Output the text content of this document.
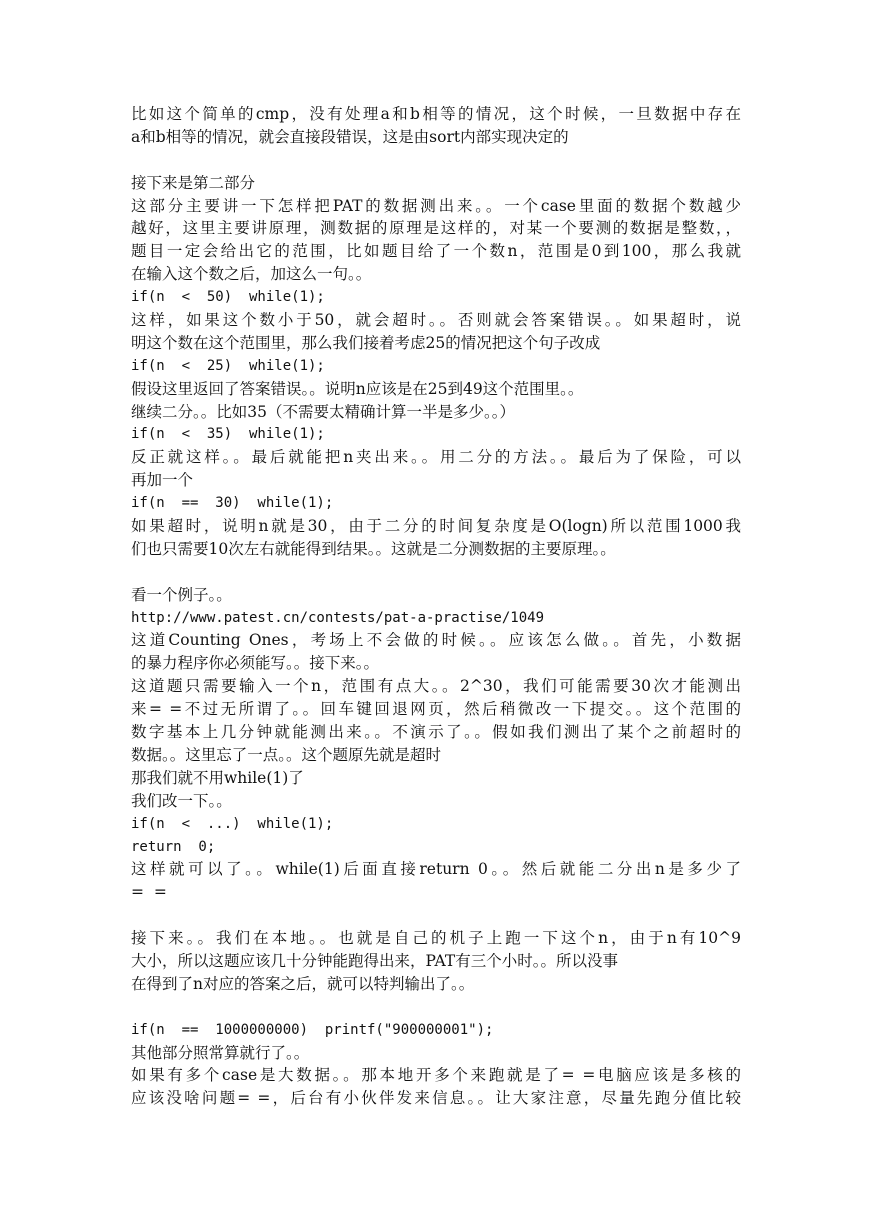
比如这个简单的cmp，没有处理a和b相等的情况，这个时候，一旦数据中存在
a和b相等的情况，就会直接段错误，这是由sort内部实现决定的
接下来是第二部分
这部分主要讲一下怎样把PAT的数据测出来。。一个case里面的数据个数越少
越好，这里主要讲原理，测数据的原理是这样的，对某一个要测的数据是整数，，
题目一定会给出它的范围，比如题目给了一个数n，范围是0到100，那么我就
在输入这个数之后，加这么一句。。
if(n  <  50)  while(1);
这样，如果这个数小于50，就会超时。。否则就会答案错误。。如果超时，说
明这个数在这个范围里，那么我们接着考虑25的情况把这个句子改成
if(n  <  25)  while(1);
假设这里返回了答案错误。。说明n应该是在25到49这个范围里。。
继续二分。。比如35（不需要太精确计算一半是多少。。）
if(n  <  35)  while(1);
反正就这样。。最后就能把n夹出来。。用二分的方法。。最后为了保险，可以
再加一个
if(n  ==  30)  while(1);
如果超时，说明n就是30，由于二分的时间复杂度是O(logn)所以范围1000我
们也只需要10次左右就能得到结果。。这就是二分测数据的主要原理。。
看一个例子。。
http://www.patest.cn/contests/pat-a-practise/1049
这道Counting Ones，考场上不会做的时候。。应该怎么做。。首先，小数据
的暴力程序你必须能写。。接下来。。
这道题只需要输入一个n，范围有点大。。2^30，我们可能需要30次才能测出
来= =不过无所谓了。。回车键回退网页，然后稍微改一下提交。。这个范围的
数字基本上几分钟就能测出来。。不演示了。。假如我们测出了某个之前超时的
数据。。这里忘了一点。。这个题原先就是超时
那我们就不用while(1)了
我们改一下。。
if(n  <  ...)  while(1);
return  0;
这样就可以了。。while(1)后面直接return 0。。然后就能二分出n是多少了
=  =
接下来。。我们在本地。。也就是自己的机子上跑一下这个n，由于n有10^9
大小，所以这题应该几十分钟能跑得出来，PAT有三个小时。。所以没事
在得到了n对应的答案之后，就可以特判输出了。。
if(n  ==  1000000000)  printf("900000001");
其他部分照常算就行了。。
如果有多个case是大数据。。那本地开多个来跑就是了= =电脑应该是多核的
应该没啥问题= =，后台有小伙伴发来信息。。让大家注意，尽量先跑分值比较
